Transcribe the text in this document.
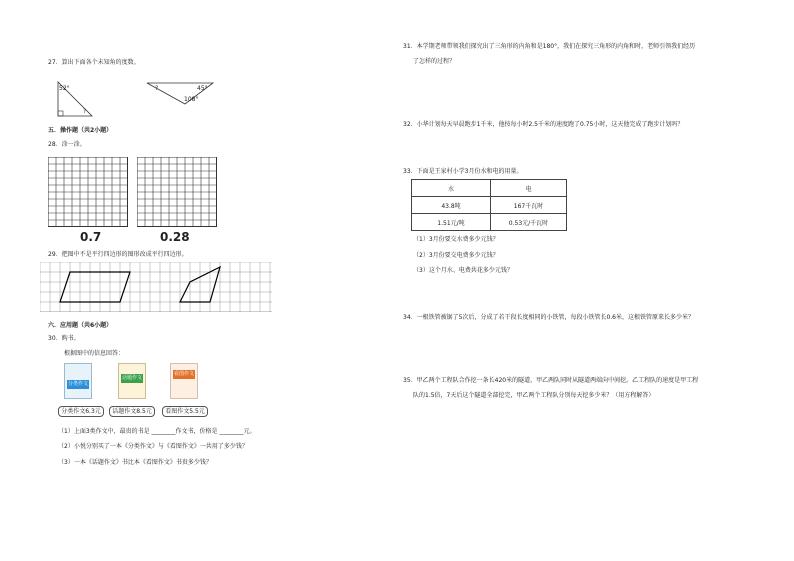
27．算出下面各个未知角的度数。
52°
?
?	45°
108°
五．操作题（共2小题）
28．涂一涂。
0.7	0.28
29．把图中不是平行四边形的图形改成平行四边形。
六．应用题（共6小题）
30．购书。
根据图中的信息回答：
分类作文
话题作文
看图作文
分类作文6.3元	话题作文8.5元	看图作文5.5元
（1）上面3类作文中，最贵的书是 ________作文书，价格是 ________元。
（2）小悦分别买了一本《分类作文》与《看图作文》一共用了多少钱？
（3）一本《话题作文》书比本《看图作文》书贵多少钱？
31．本学期老师带领我们探究出了三角形的内角和是180°，我们在探究三角形的内角和时，老师引领我们经历
了怎样的过程？
32．小华计划每天早晨跑步1千米，他按每小时2.5千米的速度跑了0.75小时，这天他完成了跑步计划吗？
33．下面是王家村小学3月份水和电的用量。
水	电
43.8吨	167千瓦时
1.51元/吨	0.53元/千瓦时
（1）3月份要交水费多少元钱？
（2）3月份要交电费多少元钱？
（3）这个月水、电费共花多少元钱？
34．一根铁管被锯了5次后，分成了若干段长度相同的小铁管，每段小铁管长0.6米，这根铁管原来长多少米？
35．甲乙两个工程队合作挖一条长420米的隧道，甲乙两队同时从隧道两端向中间挖。乙工程队的速度是甲工程
队的1.5倍，7天后这个隧道全部挖完，甲乙两个工程队分别每天挖多少米？（用方程解答）
